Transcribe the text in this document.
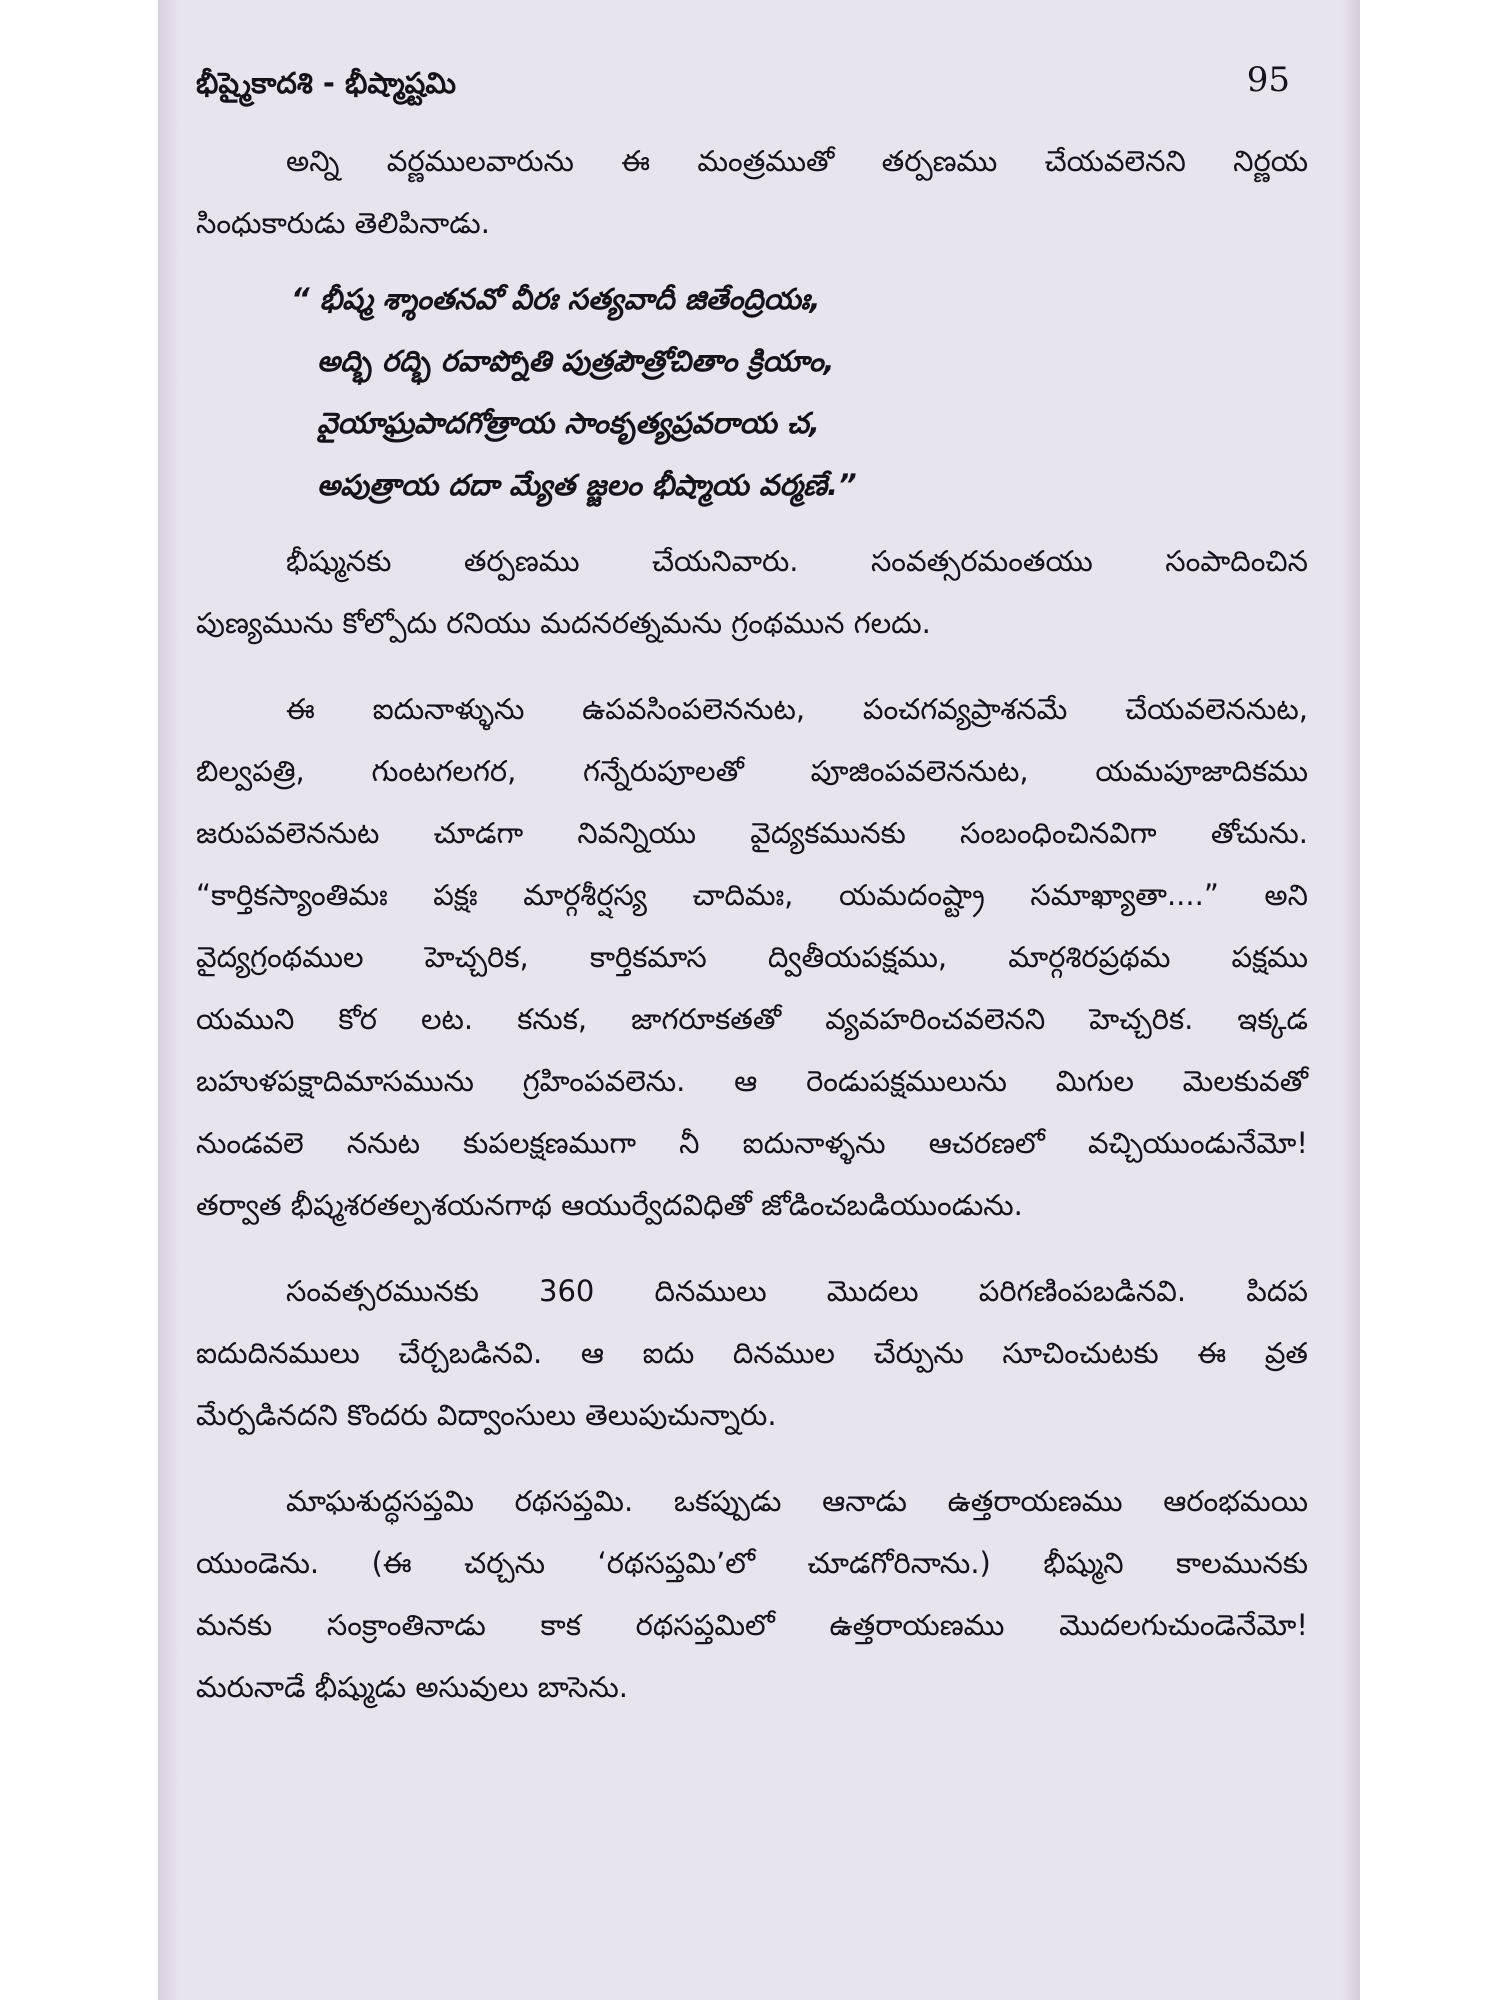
భీష్మైకాదశి - భీష్మాష్టమి	95

అన్ని వర్ణములవారును ఈ మంత్రముతో తర్పణము చేయవలెనని నిర్ణయ
సింధుకారుడు తెలిపినాడు.

“ భీష్మ శ్శాంతనవో వీరః సత్యవాదీ జితేంద్రియః,
అద్భి రద్భి రవాప్నోతి పుత్రపౌత్రోచితాం క్రియాం,
వైయాఘ్రపాదగోత్రాయ సాంకృత్యప్రవరాయ చ,
అపుత్రాయ దదా మ్యేత జ్జలం భీష్మాయ వర్మణే.”

భీష్మునకు తర్పణము చేయనివారు. సంవత్సరమంతయు సంపాదించిన
పుణ్యమును కోల్పోదు రనియు మదనరత్నమను గ్రంథమున గలదు.

ఈ ఐదునాళ్ళును ఉపవసింపలెననుట, పంచగవ్యప్రాశనమే చేయవలెననుట,
బిల్వపత్రి, గుంటగలగర, గన్నేరుపూలతో పూజింపవలెననుట, యమపూజాదికము
జరుపవలెననుట చూడగా నివన్నియు వైద్యకమునకు సంబంధించినవిగా తోచును.
“కార్తికస్యాంతిమః పక్షః మార్గశీర్షస్య చాదిమః, యమదంష్ట్రా సమాఖ్యాతా....” అని
వైద్యగ్రంథముల హెచ్చరిక, కార్తికమాస ద్వితీయపక్షము, మార్గశిరప్రథమ పక్షము
యముని కోర లట. కనుక, జాగరూకతతో వ్యవహరించవలెనని హెచ్చరిక. ఇక్కడ
బహుళపక్షాదిమాసమును గ్రహింపవలెను. ఆ రెండుపక్షములును మిగుల మెలకువతో
నుండవలె ననుట కుపలక్షణముగా నీ ఐదునాళ్ళను ఆచరణలో వచ్చియుండునేమో!
తర్వాత భీష్మశరతల్పశయనగాథ ఆయుర్వేదవిధితో జోడించబడియుండును.

సంవత్సరమునకు 360 దినములు మొదలు పరిగణింపబడినవి. పిదప
ఐదుదినములు చేర్చబడినవి. ఆ ఐదు దినముల చేర్పును సూచించుటకు ఈ వ్రత
మేర్పడినదని కొందరు విద్వాంసులు తెలుపుచున్నారు.

మాఘశుద్ధసప్తమి రథసప్తమి. ఒకప్పుడు ఆనాడు ఉత్తరాయణము ఆరంభమయి
యుండెను. (ఈ చర్చను ‘రథసప్తమి’లో చూడగోరినాను.) భీష్ముని కాలమునకు
మనకు సంక్రాంతినాడు కాక రథసప్తమిలో ఉత్తరాయణము మొదలగుచుండెనేమో!
మరునాడే భీష్ముడు అసువులు బాసెను.
